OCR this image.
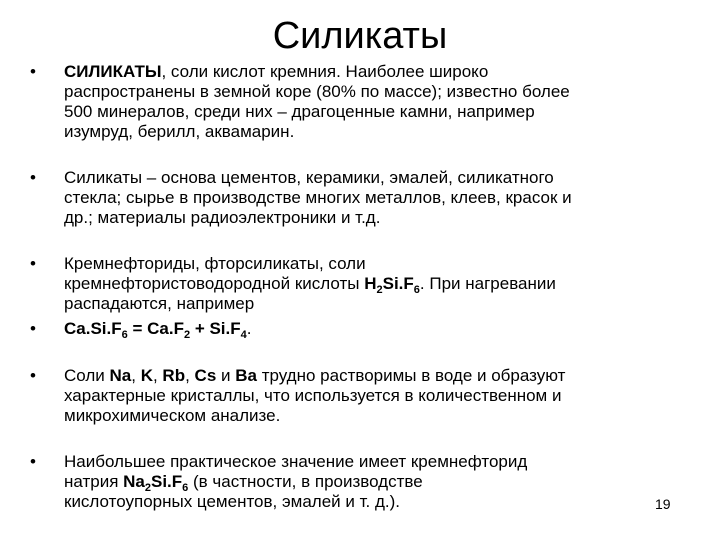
Силикаты
•	СИЛИКАТЫ, соли кислот кремния. Наиболее широко
распространены в земной коре (80% по массе); известно более
500 минералов, среди них – драгоценные камни, например
изумруд, берилл, аквамарин.
•	Силикаты – основа цементов, керамики, эмалей, силикатного
стекла; сырье в производстве многих металлов, клеев, красок и
др.; материалы радиоэлектроники и т.д.
•	Кремнефториды, фторсиликаты, соли
кремнефтористоводородной кислоты $H_2Si.F_6$. При нагревании
распадаются, например
•	$Ca.Si.F_6 = Ca.F_2 + Si.F_4$.
•	Соли Na, K, Rb, Cs и Ba трудно растворимы в воде и образуют
характерные кристаллы, что используется в количественном и
микрохимическом анализе.
•	Наибольшее практическое значение имеет кремнефторид
натрия $Na_2Si.F_6$ (в частности, в производстве
кислотоупорных цементов, эмалей и т. д.).	19
